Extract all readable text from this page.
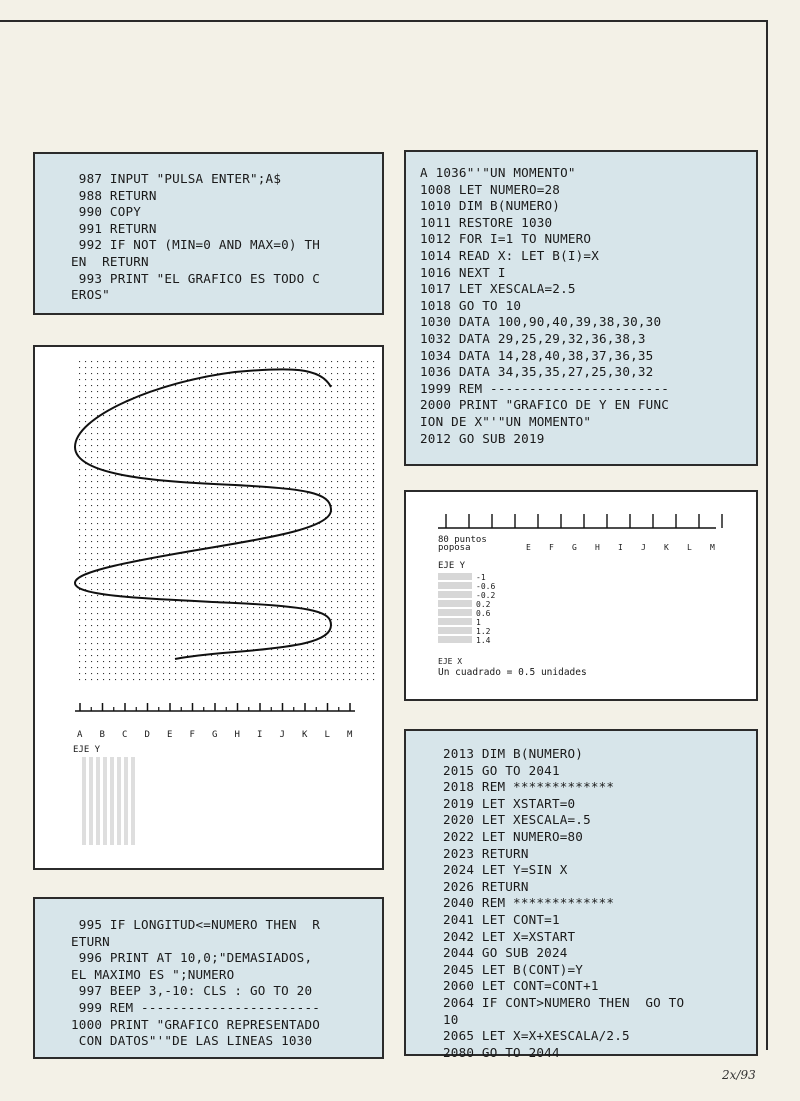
987 INPUT "PULSA ENTER";A$
988 RETURN
990 COPY
991 RETURN
992 IF NOT (MIN=0 AND MAX=0) TH
EN  RETURN
993 PRINT "EL GRAFICO ES TODO C
EROS"
A 1036"'"UN MOMENTO"
1008 LET NUMERO=28
1010 DIM B(NUMERO)
1011 RESTORE 1030
1012 FOR I=1 TO NUMERO
1014 READ X: LET B(I)=X
1016 NEXT I
1017 LET XESCALA=2.5
1018 GO TO 10
1030 DATA 100,90,40,39,38,30,30
1032 DATA 29,25,29,32,36,38,3
1034 DATA 14,28,40,38,37,36,35
1036 DATA 34,35,35,27,25,30,32
1999 REM -----------------------
2000 PRINT "GRAFICO DE Y EN FUNC
ION DE X"'"UN MOMENTO"
2012 GO SUB 2019
A B C D E F G H I J K L M
EJE Y
E F G H I J K L M
80 puntos
poposa
EJE Y
-1
-0.6
-0.2
0.2
0.6
1
1.2
1.4
EJE X
Un cuadrado = 0.5 unidades
995 IF LONGITUD<=NUMERO THEN  R
ETURN
996 PRINT AT 10,0;"DEMASIADOS,
EL MAXIMO ES ";NUMERO
997 BEEP 3,-10: CLS : GO TO 20
999 REM -----------------------
1000 PRINT "GRAFICO REPRESENTADO
CON DATOS"'"DE LAS LINEAS 1030
2013 DIM B(NUMERO)
2015 GO TO 2041
2018 REM *************
2019 LET XSTART=0
2020 LET XESCALA=.5
2022 LET NUMERO=80
2023 RETURN
2024 LET Y=SIN X
2026 RETURN
2040 REM *************
2041 LET CONT=1
2042 LET X=XSTART
2044 GO SUB 2024
2045 LET B(CONT)=Y
2060 LET CONT=CONT+1
2064 IF CONT>NUMERO THEN  GO TO
10
2065 LET X=X+XESCALA/2.5
2080 GO TO 2044
2x/93
